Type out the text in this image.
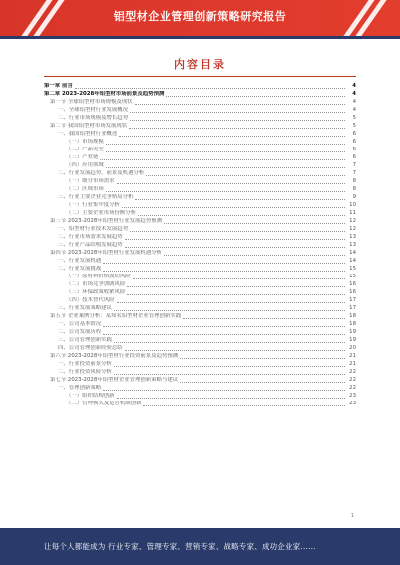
铝型材企业管理创新策略研究报告
内容目录
第一章 前言	4
第二章 2023-2028年铝型材市场前景及趋势预测	4
第一节 全球铝型材市场规模及现状	4
一、全球铝型材行业发展概况	4
二、行业市场规模及增长趋势	5
第二节 我国铝型材市场发展现状	5
一、我国铝型材行业概述	6
（一）市场规模	6
（二）产品类型	6
（三）产业链	6
（四）应用领域	7
二、行业发展趋势、前景及机遇分析	7
（一）细分市场需求	8
（二）区域市场	8
三、行业主要企业竞争格局分析	9
（一）行业集中度分析	10
（二）主要企业市场份额分析	11
第三节 2023-2028年铝型材行业发展趋势预测	12
一、铝型材行业技术发展趋势	12
二、行业市场需求发展趋势	13
三、行业产品结构发展趋势	13
第四节 2023-2028年铝型材行业发展机遇分析	14
一、行业发展机遇	14
二、行业发展挑战	15
（一）原材料价格波动风险	15
（二）市场竞争加剧风险	16
（三）环保政策收紧风险	16
（四）技术替代风险	17
三、行业发展策略建议	17
第五节 企业案例分析：某知名铝型材企业管理创新实践	18
一、公司基本情况	18
二、公司发展历程	19
三、公司管理创新实践	19
四、公司管理创新经验总结	20
第六节 2023-2028年铝型材行业投资前景及趋势预测	21
一、行业投资前景分析	21
二、行业投资风险分析	22
第七节 2023-2028年铝型材企业管理创新策略与建议	22
一、管理创新策略	22
（一）组织结构创新	23
（二）管理模式及运营机制创新	23
1
让每个人都能成为 行业专家、管理专家、营销专家、战略专家、成功企业家……
